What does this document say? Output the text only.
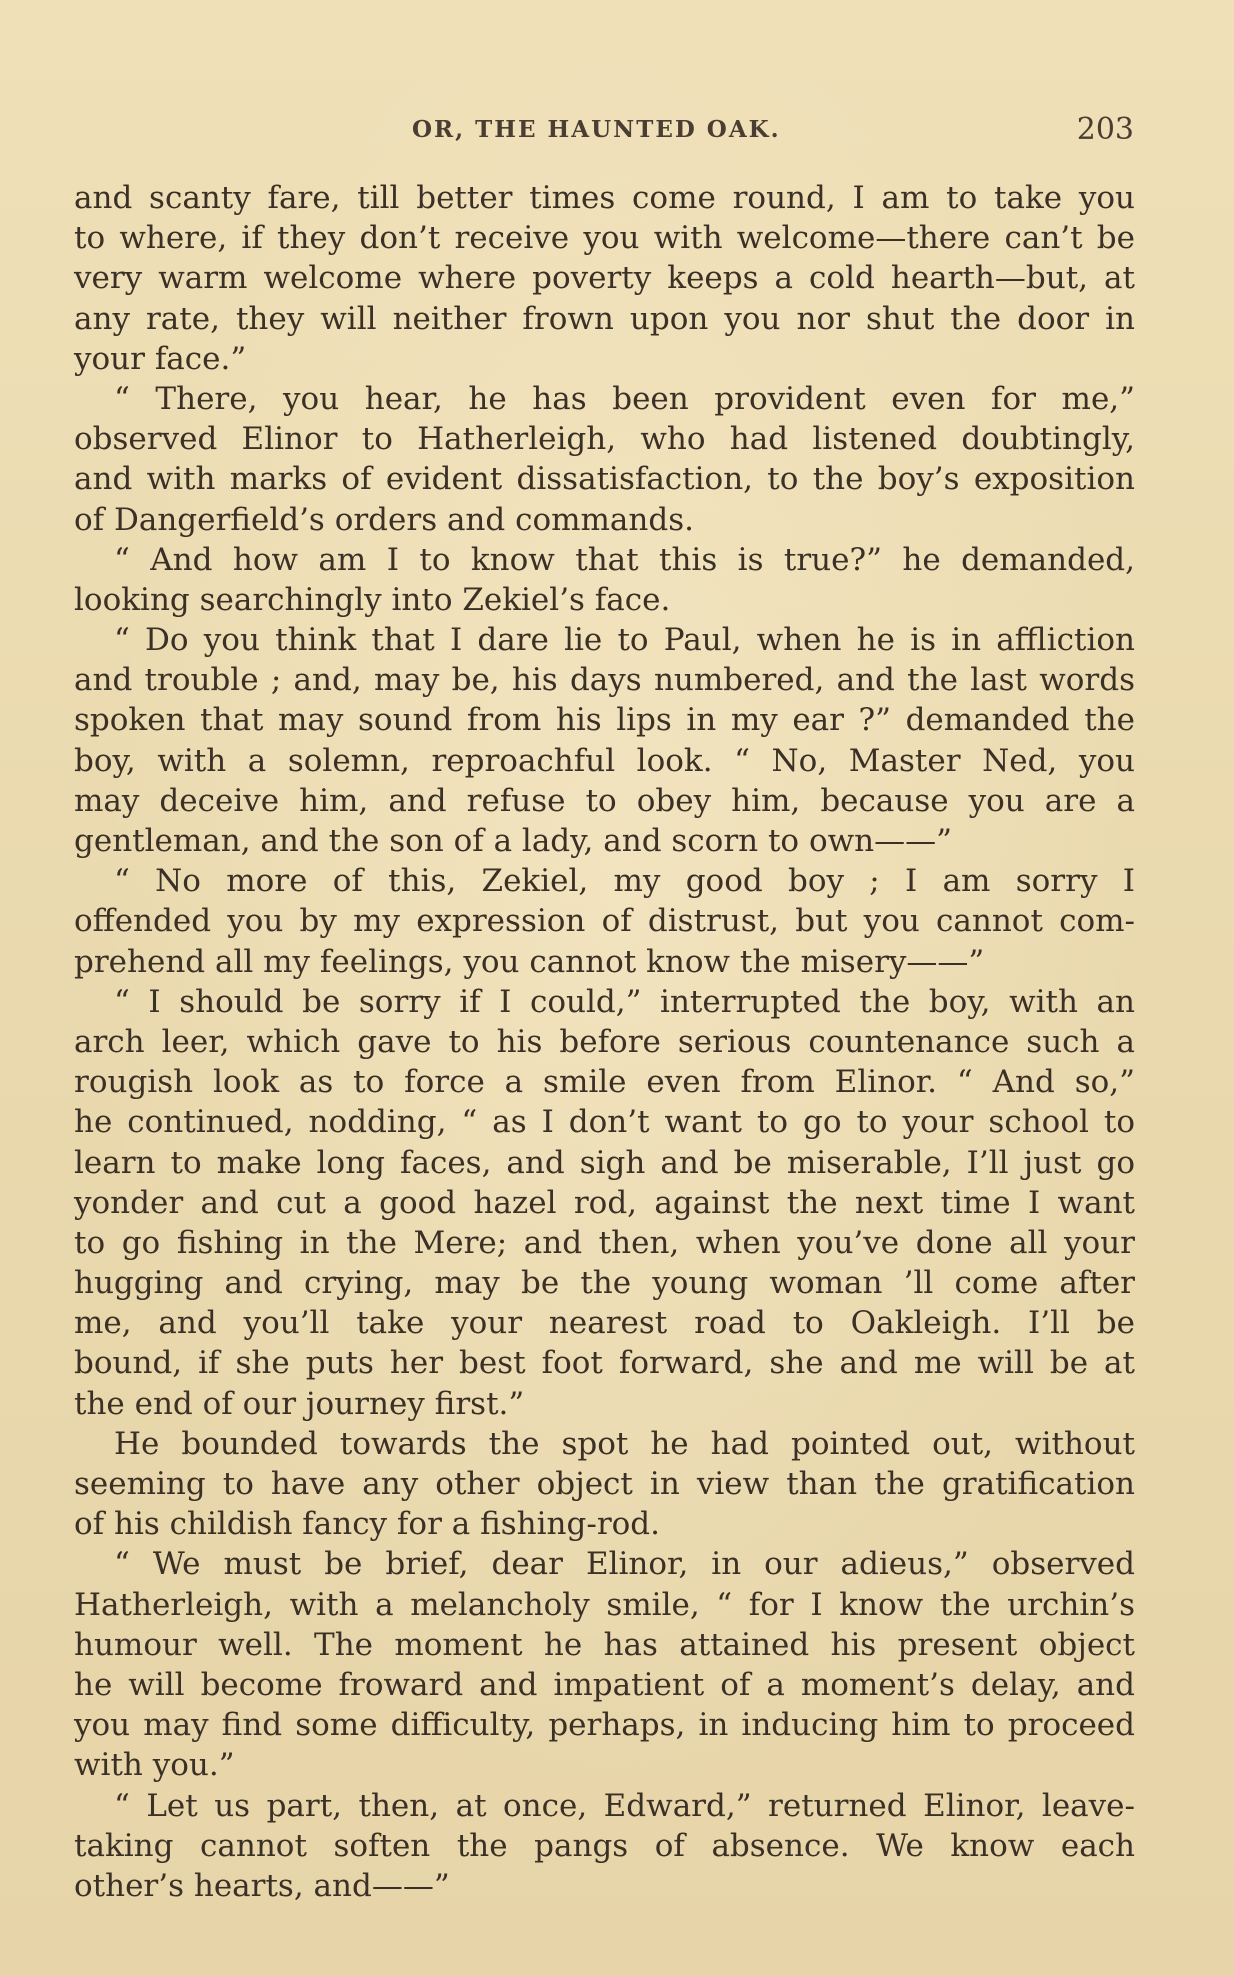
OR, THE HAUNTED OAK.	203
and scanty fare, till better times come round, I am to take you
to where, if they don’t receive you with welcome—there can’t be
very warm welcome where poverty keeps a cold hearth—but, at
any rate, they will neither frown upon you nor shut the door in
your face.”
“ There, you hear, he has been provident even for me,”
observed Elinor to Hatherleigh, who had listened doubtingly,
and with marks of evident dissatisfaction, to the boy’s exposition
of Dangerfield’s orders and commands.
“ And how am I to know that this is true?” he demanded,
looking searchingly into Zekiel’s face.
“ Do you think that I dare lie to Paul, when he is in affliction
and trouble ; and, may be, his days numbered, and the last words
spoken that may sound from his lips in my ear ?” demanded the
boy, with a solemn, reproachful look. “ No, Master Ned, you
may deceive him, and refuse to obey him, because you are a
gentleman, and the son of a lady, and scorn to own——”
“ No more of this, Zekiel, my good boy ; I am sorry I
offended you by my expression of distrust, but you cannot com-
prehend all my feelings, you cannot know the misery——”
“ I should be sorry if I could,” interrupted the boy, with an
arch leer, which gave to his before serious countenance such a
rougish look as to force a smile even from Elinor. “ And so,”
he continued, nodding, “ as I don’t want to go to your school to
learn to make long faces, and sigh and be miserable, I’ll just go
yonder and cut a good hazel rod, against the next time I want
to go fishing in the Mere; and then, when you’ve done all your
hugging and crying, may be the young woman ’ll come after
me, and you’ll take your nearest road to Oakleigh. I’ll be
bound, if she puts her best foot forward, she and me will be at
the end of our journey first.”
He bounded towards the spot he had pointed out, without
seeming to have any other object in view than the gratification
of his childish fancy for a fishing-rod.
“ We must be brief, dear Elinor, in our adieus,” observed
Hatherleigh, with a melancholy smile, “ for I know the urchin’s
humour well. The moment he has attained his present object
he will become froward and impatient of a moment’s delay, and
you may find some difficulty, perhaps, in inducing him to proceed
with you.”
“ Let us part, then, at once, Edward,” returned Elinor, leave-
taking cannot soften the pangs of absence. We know each
other’s hearts, and——”
